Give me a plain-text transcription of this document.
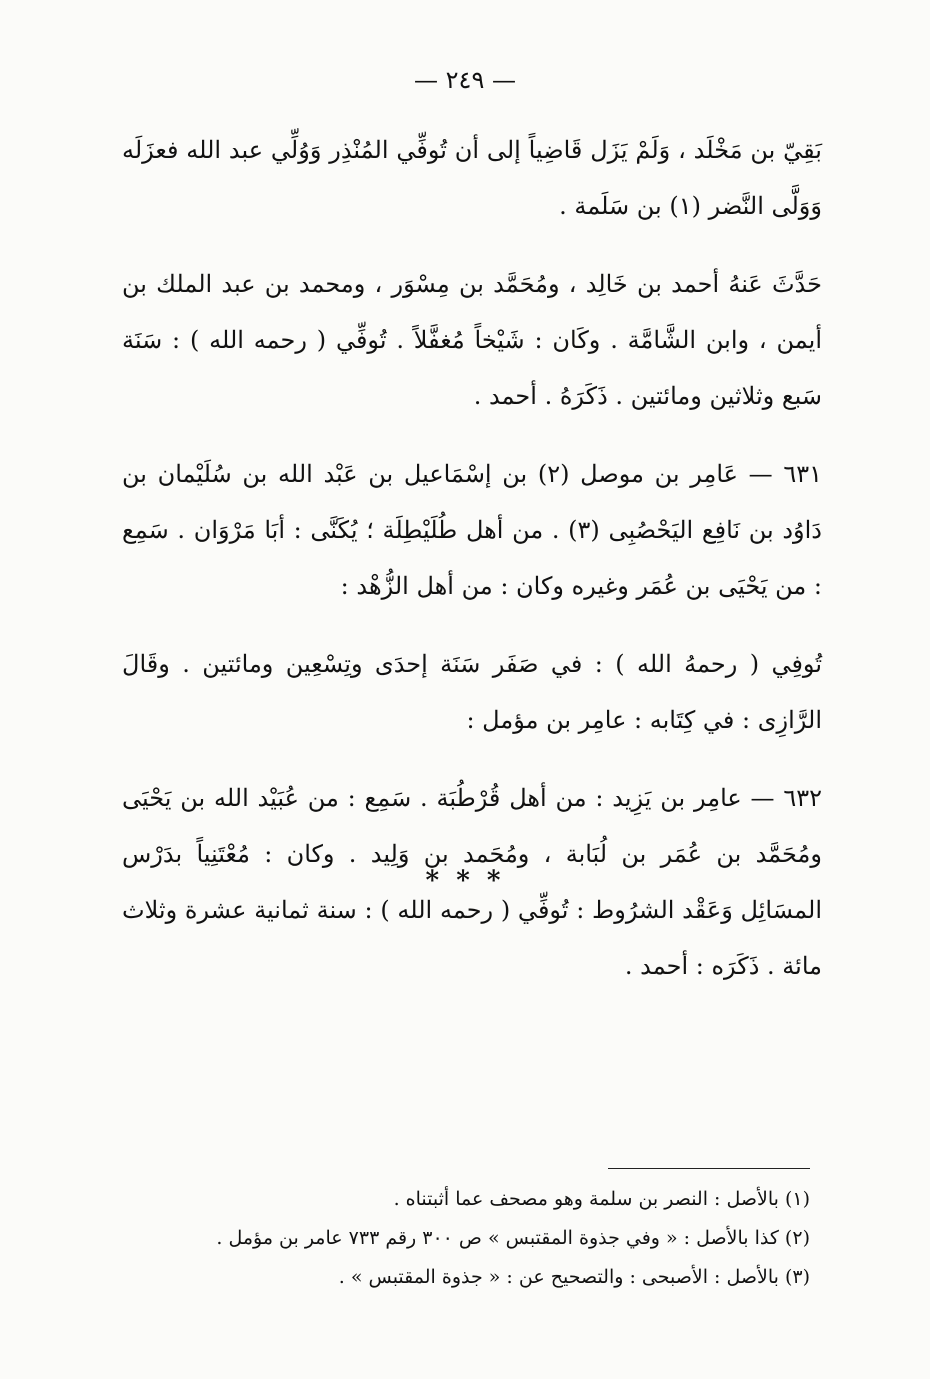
— ٢٤٩ —

بَقِيّ بن مَخْلَد ، وَلَمْ يَزَل قَاضِياً إلى أن تُوفِّي المُنْذِر وَوُلِّي عبد الله فعزَلَه وَوَلَّى النَّضر (١) بن سَلَمة .

حَدَّثَ عَنهُ أحمد بن خَالِد ، ومُحَمَّد بن مِسْوَر ، ومحمد بن عبد الملك بن أيمن ، وابن الشَّامَّة . وكَان : شَيْخاً مُغفَّلاً . تُوفِّي ( رحمه الله ) : سَنَة سَبع وثلاثين ومائتين . ذَكَرَهُ . أحمد .

٦٣١ — عَامِر بن موصل (٢) بن إسْمَاعيل بن عَبْد الله بن سُلَيْمان بن دَاوُد بن نَافِع اليَحْصُبِى (٣) . من أهل طُلَيْطِلَة ؛ يُكَنَّى : أبَا مَرْوَان . سَمِع : من يَحْيَى بن عُمَر وغيره وكان : من أهل الزُّهْد :

تُوفِي ( رحمهُ الله ) : في صَفَر سَنَة إحدَى وتِسْعِين ومائتين . وقَالَ الرَّازِى : في كِتَابه : عامِر بن مؤمل :

٦٣٢ — عامِر بن يَزِيد : من أهل قُرْطُبَة . سَمِع : من عُبَيْد الله بن يَحْيَى ومُحَمَّد بن عُمَر بن لُبَابة ، ومُحَمد بن وَلِيد . وكان : مُعْتَنِياً بدَرْس المسَائِل وَعَقْد الشرُوط : تُوفِّي ( رحمه الله ) : سنة ثمانية عشرة وثلاث مائة . ذَكَرَه : أحمد .

* * *
(١) بالأصل : النصر بن سلمة وهو مصحف عما أثبتناه .
(٢) كذا بالأصل : « وفي جذوة المقتبس » ص ٣٠٠ رقم ٧٣٣ عامر بن مؤمل .
(٣) بالأصل : الأصبحى : والتصحيح عن : « جذوة المقتبس » .
